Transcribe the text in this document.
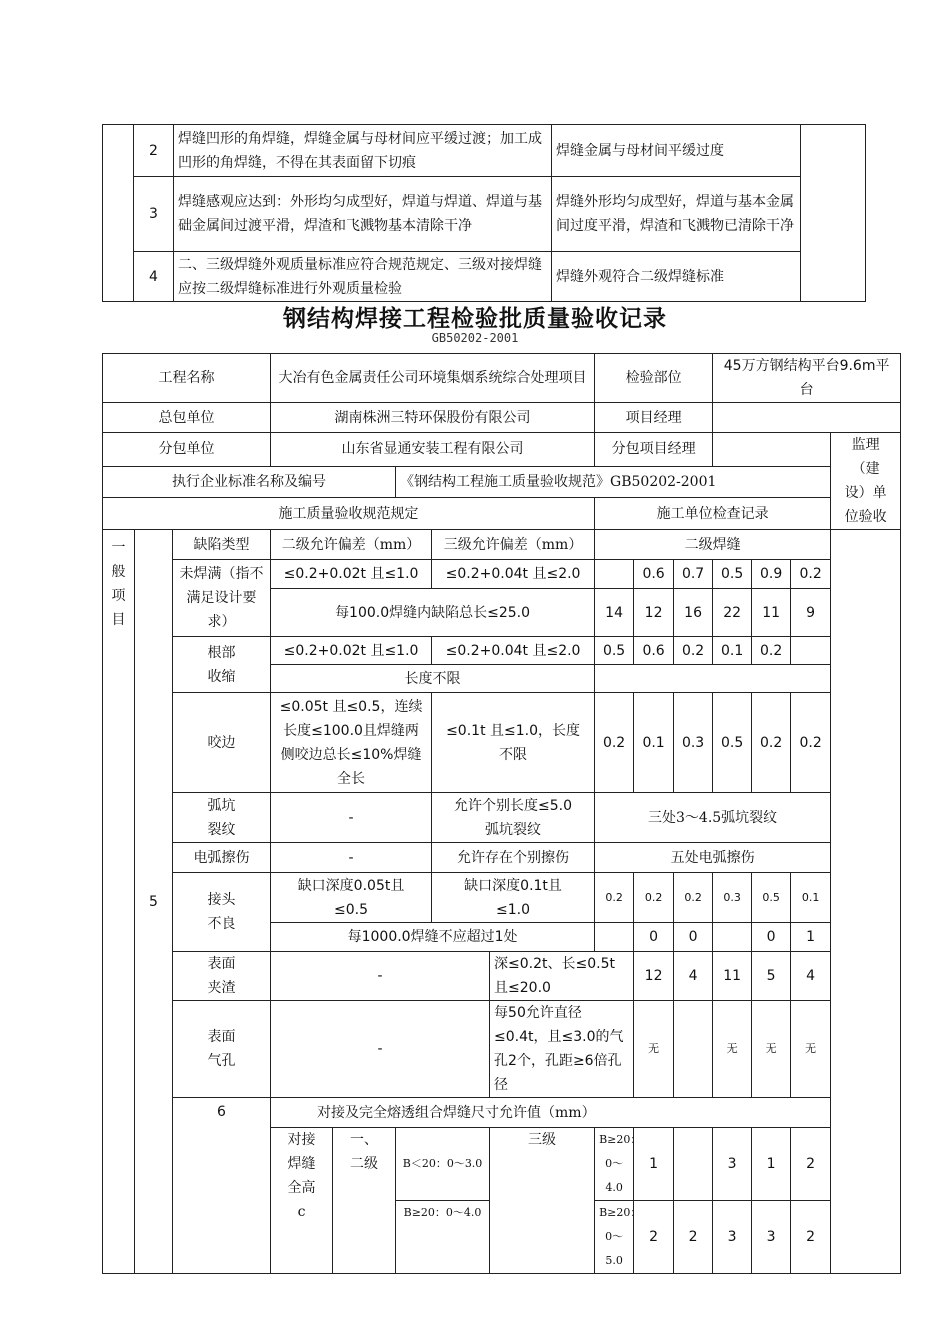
	2	焊缝凹形的角焊缝，焊缝金属与母材间应平缓过渡；加工成凹形的角焊缝，不得在其表面留下切痕	焊缝金属与母材间平缓过度	
	3	焊缝感观应达到：外形均匀成型好，焊道与焊道、焊道与基础金属间过渡平滑，焊渣和飞溅物基本清除干净	焊缝外形均匀成型好，焊道与基本金属间过度平滑，焊渣和飞溅物已清除干净	
	4	二、三级焊缝外观质量标准应符合规范规定、三级对接焊缝应按二级焊缝标准进行外观质量检验	焊缝外观符合二级焊缝标准	
钢结构焊接工程检验批质量验收记录
GB50202-2001
工程名称			大冶有色金属责任公司环境集烟系统综合处理项目					检验部位			45万方钢结构平台9.6m平台				
总包单位			湖南株洲三特环保股份有限公司					项目经理							
分包单位			山东省显通安装工程有限公司					分包项目经理						监理（建设）单位验收	
执行企业标准名称及编号					《钢结构工程施工质量验收规范》GB50202-2001										
施工质量验收规范规定								施工单位检查记录							
一般项目	5	缺陷类型	二级允许偏差（mm）			三级允许偏差（mm）		二级焊缝							
		未焊满（指不满足设计要求）	≤0.2+0.02t 且≤1.0			≤0.2+0.04t 且≤2.0			0.6	0.7	0.5	0.9	0.2		
			每100.0焊缝内缺陷总长≤25.0					14	12	16	22	11	9		
		根部收缩	≤0.2+0.02t 且≤1.0			≤0.2+0.04t 且≤2.0		0.5	0.6	0.2	0.1	0.2			
			长度不限												
		咬边	≤0.05t 且≤0.5，连续长度≤100.0且焊缝两侧咬边总长≤10%焊缝全长			≤0.1t 且≤1.0，长度不限		0.2	0.1	0.3	0.5	0.2	0.2		
		弧坑裂纹	-			允许个别长度≤5.0弧坑裂纹		三处3～4.5弧坑裂纹							
		电弧擦伤	-			允许存在个别擦伤		五处电弧擦伤							
		接头不良	缺口深度0.05t且≤0.5			缺口深度0.1t且≤1.0		0.2	0.2	0.2	0.3	0.5	0.1		
			每1000.0焊缝不应超过1处						0	0		0	1		
		表面夹渣	-				深≤0.2t、长≤0.5t 且≤20.0		12	4	11	5	4	
		表面气孔	-				每50允许直径≤0.4t，且≤3.0的气孔2个，孔距≥6倍孔径		无		无	无	无	
		6	对接及完全熔透组合焊缝尺寸允许值（mm）												
			对接焊缝全高c	一、二级	B＜20：0～3.0		三级	B≥20：0～4.0	1		3	1	2	
					B≥20：0～4.0			B≥20：0～5.0	2	2	3	3	2	
